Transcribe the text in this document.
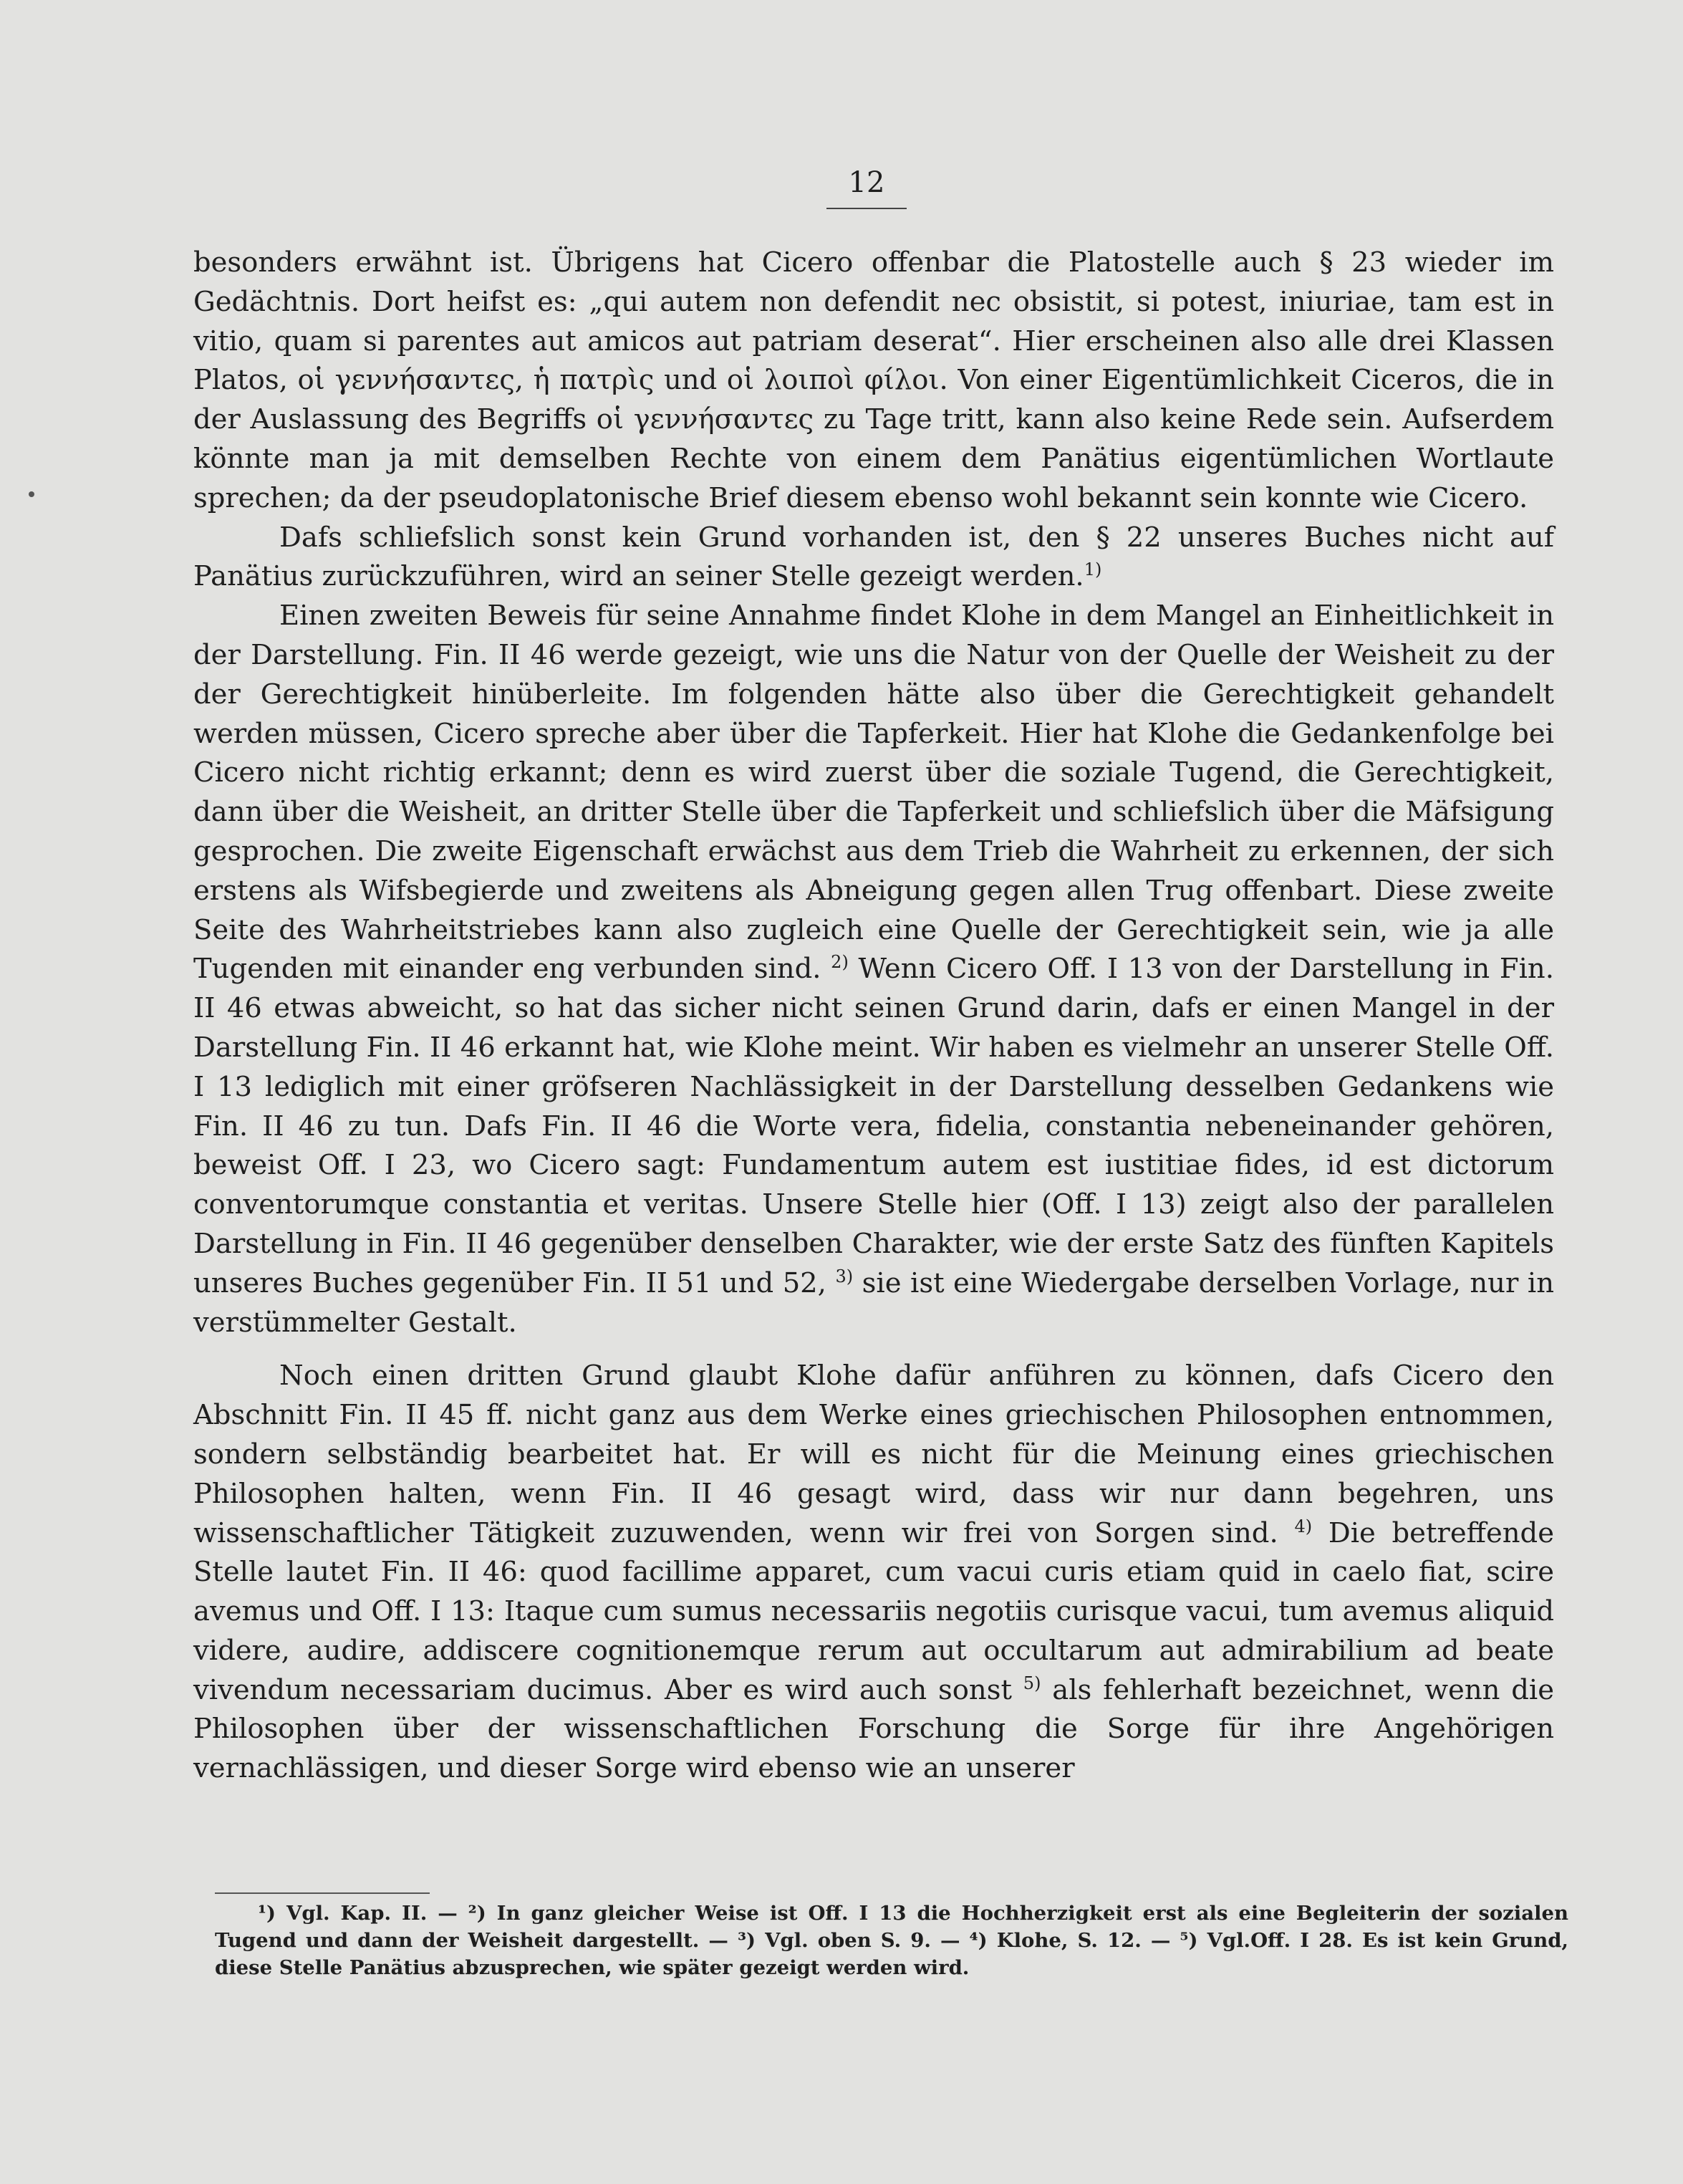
12

besonders erwähnt ist. Übrigens hat Cicero offenbar die Platostelle auch § 23 wieder im Gedächtnis. Dort heifst es: „qui autem non defendit nec obsistit, si potest, iniuriae, tam est in vitio, quam si parentes aut amicos aut patriam deserat“. Hier erscheinen also alle drei Klassen Platos, οἱ γεννήσαντες, ἡ πατρὶς und οἱ λοιποὶ φίλοι. Von einer Eigentümlichkeit Ciceros, die in der Auslassung des Begriffs οἱ γεννήσαντες zu Tage tritt, kann also keine Rede sein. Aufserdem könnte man ja mit demselben Rechte von einem dem Panätius eigentümlichen Wortlaute sprechen; da der pseudoplatonische Brief diesem ebenso wohl bekannt sein konnte wie Cicero.

Dafs schliefslich sonst kein Grund vorhanden ist, den § 22 unseres Buches nicht auf Panätius zurückzuführen, wird an seiner Stelle gezeigt werden.$^{1)}$

Einen zweiten Beweis für seine Annahme findet Klohe in dem Mangel an Einheitlichkeit in der Darstellung. Fin. II 46 werde gezeigt, wie uns die Natur von der Quelle der Weisheit zu der der Gerechtigkeit hinüberleite. Im folgenden hätte also über die Gerechtigkeit gehandelt werden müssen, Cicero spreche aber über die Tapferkeit. Hier hat Klohe die Gedankenfolge bei Cicero nicht richtig erkannt; denn es wird zuerst über die soziale Tugend, die Gerechtigkeit, dann über die Weisheit, an dritter Stelle über die Tapferkeit und schliefslich über die Mäfsigung gesprochen. Die zweite Eigenschaft erwächst aus dem Trieb die Wahrheit zu erkennen, der sich erstens als Wifsbegierde und zweitens als Abneigung gegen allen Trug offenbart. Diese zweite Seite des Wahrheitstriebes kann also zugleich eine Quelle der Gerechtigkeit sein, wie ja alle Tugenden mit einander eng verbunden sind. $^{2)}$ Wenn Cicero Off. I 13 von der Darstellung in Fin. II 46 etwas abweicht, so hat das sicher nicht seinen Grund darin, dafs er einen Mangel in der Darstellung Fin. II 46 erkannt hat, wie Klohe meint. Wir haben es vielmehr an unserer Stelle Off. I 13 lediglich mit einer gröfseren Nachlässigkeit in der Darstellung desselben Gedankens wie Fin. II 46 zu tun. Dafs Fin. II 46 die Worte vera, fidelia, constantia nebeneinander gehören, beweist Off. I 23, wo Cicero sagt: Fundamentum autem est iustitiae fides, id est dictorum conventorumque constantia et veritas. Unsere Stelle hier (Off. I 13) zeigt also der parallelen Darstellung in Fin. II 46 gegenüber denselben Charakter, wie der erste Satz des fünften Kapitels unseres Buches gegenüber Fin. II 51 und 52, $^{3)}$ sie ist eine Wiedergabe derselben Vorlage, nur in verstümmelter Gestalt.

Noch einen dritten Grund glaubt Klohe dafür anführen zu können, dafs Cicero den Abschnitt Fin. II 45 ff. nicht ganz aus dem Werke eines griechischen Philosophen entnommen, sondern selbständig bearbeitet hat. Er will es nicht für die Meinung eines griechischen Philosophen halten, wenn Fin. II 46 gesagt wird, dass wir nur dann begehren, uns wissenschaftlicher Tätigkeit zuzuwenden, wenn wir frei von Sorgen sind. $^{4)}$ Die betreffende Stelle lautet Fin. II 46: quod facillime apparet, cum vacui curis etiam quid in caelo fiat, scire avemus und Off. I 13: Itaque cum sumus necessariis negotiis curisque vacui, tum avemus aliquid videre, audire, addiscere cognitionemque rerum aut occultarum aut admirabilium ad beate vivendum necessariam ducimus. Aber es wird auch sonst $^{5)}$ als fehlerhaft bezeichnet, wenn die Philosophen über der wissenschaftlichen Forschung die Sorge für ihre Angehörigen vernachlässigen, und dieser Sorge wird ebenso wie an unserer

¹) Vgl. Kap. II. — ²) In ganz gleicher Weise ist Off. I 13 die Hochherzigkeit erst als eine Begleiterin der sozialen Tugend und dann der Weisheit dargestellt. — ³) Vgl. oben S. 9. — ⁴) Klohe, S. 12. — ⁵) Vgl.Off. I 28. Es ist kein Grund, diese Stelle Panätius abzusprechen, wie später gezeigt werden wird.
